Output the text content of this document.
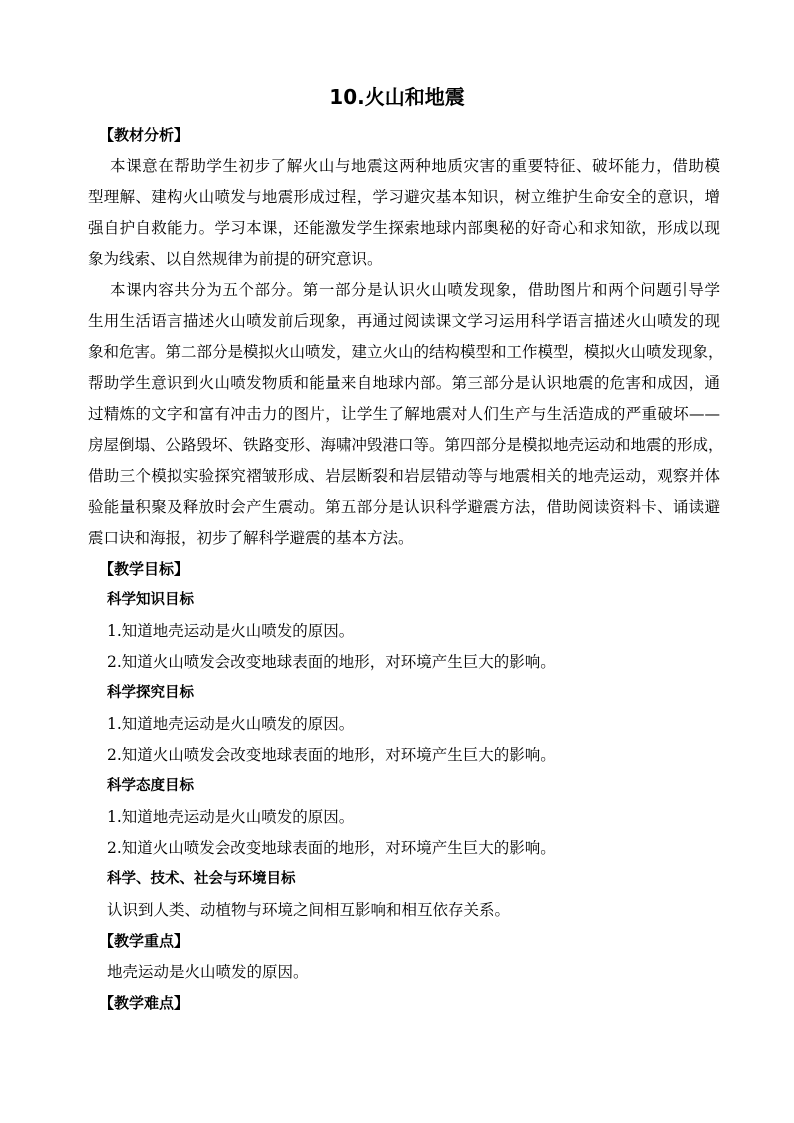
10.火山和地震
【教材分析】
本课意在帮助学生初步了解火山与地震这两种地质灾害的重要特征、破坏能力，借助模
型理解、建构火山喷发与地震形成过程，学习避灾基本知识，树立维护生命安全的意识，增
强自护自救能力。学习本课，还能激发学生探索地球内部奥秘的好奇心和求知欲，形成以现
象为线索、以自然规律为前提的研究意识。
本课内容共分为五个部分。第一部分是认识火山喷发现象，借助图片和两个问题引导学
生用生活语言描述火山喷发前后现象，再通过阅读课文学习运用科学语言描述火山喷发的现
象和危害。第二部分是模拟火山喷发，建立火山的结构模型和工作模型，模拟火山喷发现象，
帮助学生意识到火山喷发物质和能量来自地球内部。第三部分是认识地震的危害和成因，通
过精炼的文字和富有冲击力的图片，让学生了解地震对人们生产与生活造成的严重破坏——
房屋倒塌、公路毁坏、铁路变形、海啸冲毁港口等。第四部分是模拟地壳运动和地震的形成，
借助三个模拟实验探究褶皱形成、岩层断裂和岩层错动等与地震相关的地壳运动，观察并体
验能量积聚及释放时会产生震动。第五部分是认识科学避震方法，借助阅读资料卡、诵读避
震口诀和海报，初步了解科学避震的基本方法。
【教学目标】
科学知识目标
1.知道地壳运动是火山喷发的原因。
2.知道火山喷发会改变地球表面的地形，对环境产生巨大的影响。
科学探究目标
1.知道地壳运动是火山喷发的原因。
2.知道火山喷发会改变地球表面的地形，对环境产生巨大的影响。
科学态度目标
1.知道地壳运动是火山喷发的原因。
2.知道火山喷发会改变地球表面的地形，对环境产生巨大的影响。
科学、技术、社会与环境目标
认识到人类、动植物与环境之间相互影响和相互依存关系。
【教学重点】
地壳运动是火山喷发的原因。
【教学难点】
